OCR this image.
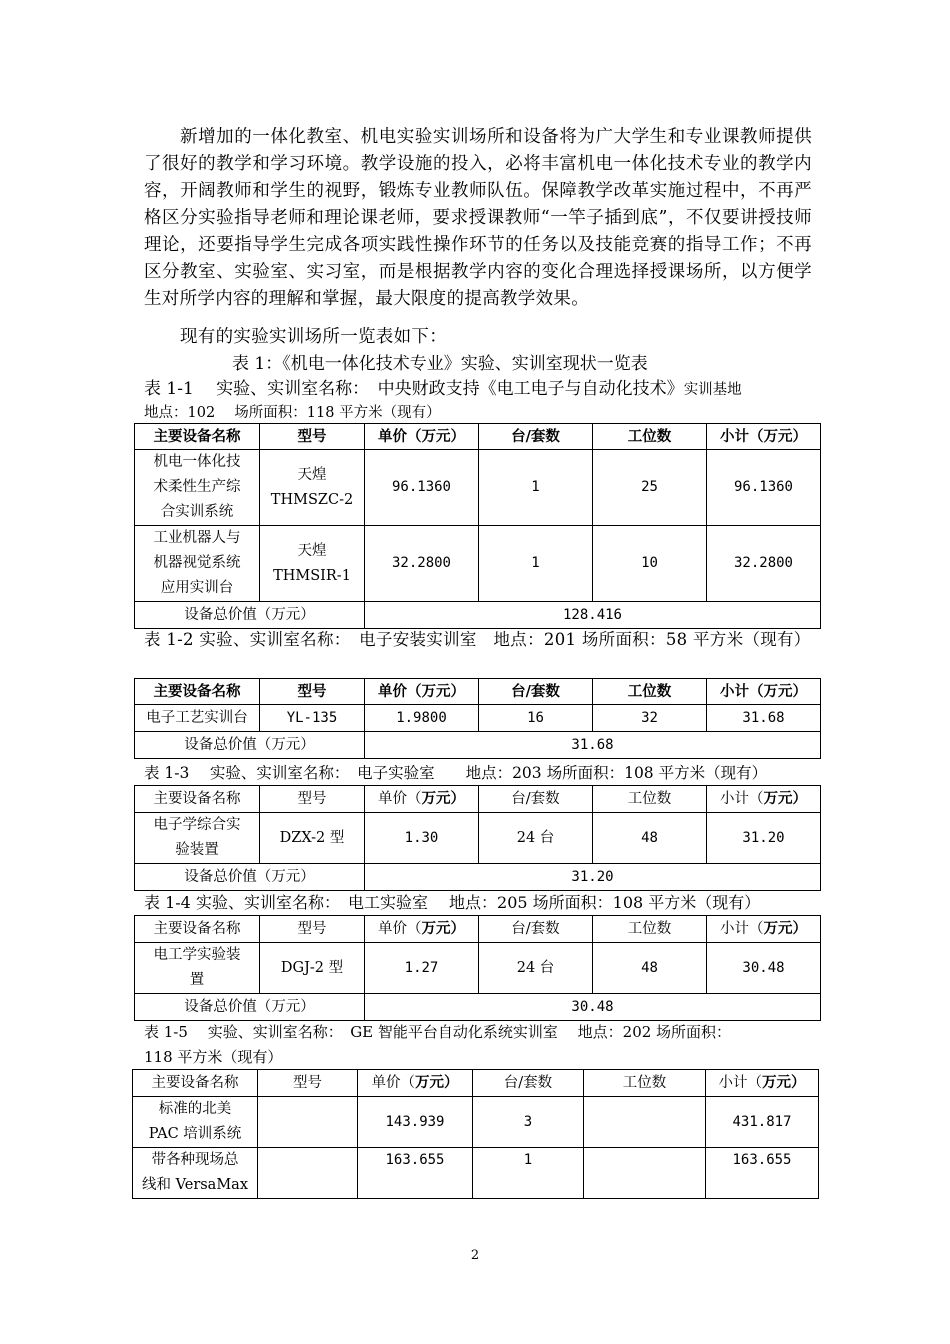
新增加的一体化教室、机电实验实训场所和设备将为广大学生和专业课教师提供了很好的教学和学习环境。教学设施的投入，必将丰富机电一体化技术专业的教学内容，开阔教师和学生的视野，锻炼专业教师队伍。保障教学改革实施过程中，不再严格区分实验指导老师和理论课老师，要求授课教师“一竿子插到底”，不仅要讲授技师理论，还要指导学生完成各项实践性操作环节的任务以及技能竞赛的指导工作；不再区分教室、实验室、实习室，而是根据教学内容的变化合理选择授课场所，以方便学生对所学内容的理解和掌握，最大限度的提高教学效果。

现有的实验实训场所一览表如下：

表 1：《机电一体化技术专业》实验、实训室现状一览表

表 1-1　 实验、实训室名称：　中央财政支持《电工电子与自动化技术》实训基地

地点：102　 场所面积：118 平方米（现有）

主要设备名称	型号	单价（万元）	台/套数	工位数	小计（万元）
机电一体化技
术柔性生产综
合实训系统	天煌
THMSZC-2	96.1360	1	25	96.1360
工业机器人与
机器视觉系统
应用实训台	天煌
THMSIR-1	32.2800	1	10	32.2800
设备总价值（万元）		128.416			

表 1-2 实验、实训室名称：　电子安装实训室　地点：201 场所面积：58 平方米（现有）

主要设备名称	型号	单价（万元）	台/套数	工位数	小计（万元）
电子工艺实训台	YL-135	1.9800	16	32	31.68
设备总价值（万元）		31.68			

表 1-3　 实验、实训室名称：　电子实验室　　地点：203 场所面积：108 平方米（现有）

主要设备名称	型号	单价（万元）	台/套数	工位数	小计（万元）
电子学综合实
验装置	DZX-2 型	1.30	24 台	48	31.20
设备总价值（万元）		31.20			

表 1-4 实验、实训室名称：　电工实验室　 地点：205 场所面积：108 平方米（现有）

主要设备名称	型号	单价（万元）	台/套数	工位数	小计（万元）
电工学实验装
置	DGJ-2 型	1.27	24 台	48	30.48
设备总价值（万元）		30.48			

表 1-5　 实验、实训室名称：　GE 智能平台自动化系统实训室　 地点：202 场所面积：

118 平方米（现有）

主要设备名称	型号	单价（万元）	台/套数	工位数	小计（万元）
标准的北美
PAC 培训系统		143.939	3		431.817
带各种现场总
线和 VersaMax		163.655	1		163.655
2
